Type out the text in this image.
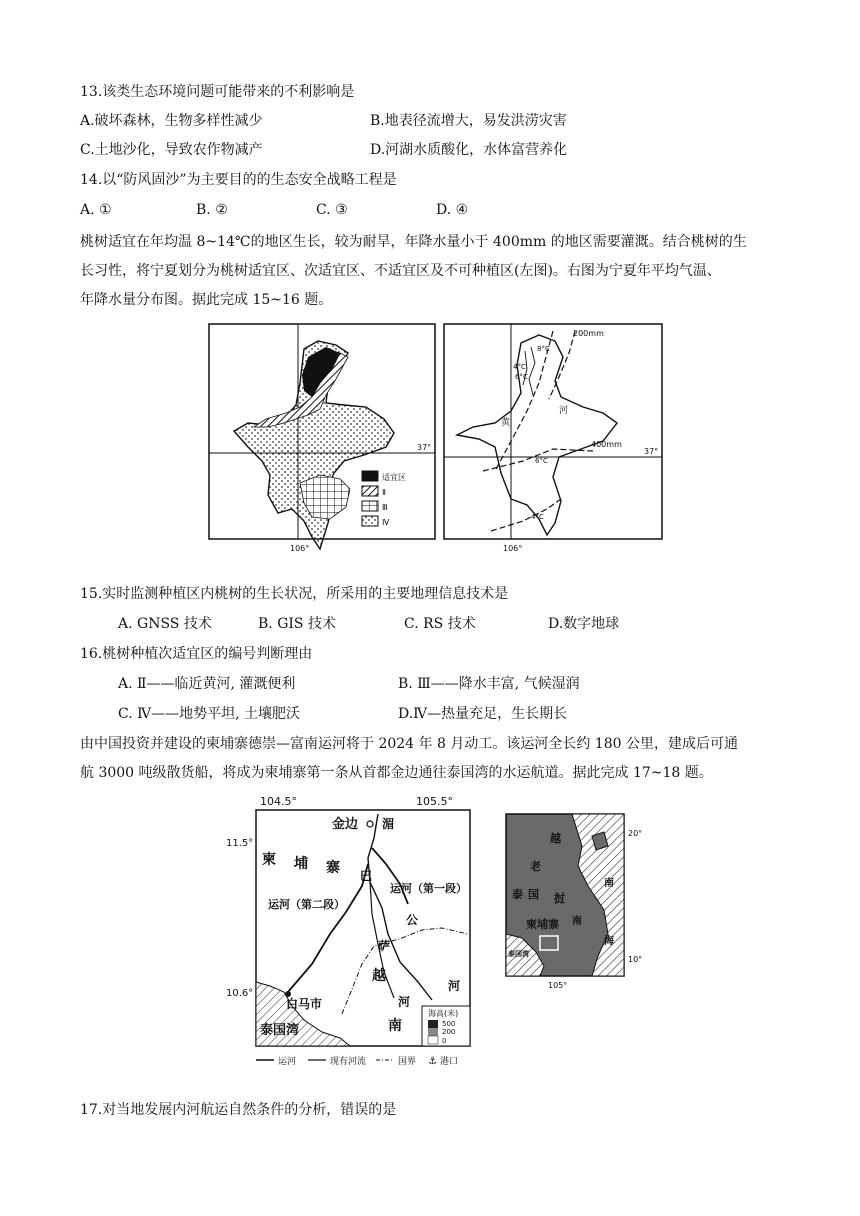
13.该类生态环境问题可能带来的不利影响是
A.破坏森林，生物多样性减少	B.地表径流增大，易发洪涝灾害
C.土地沙化，导致农作物减产	D.河湖水质酸化，水体富营养化
14.以“防风固沙”为主要目的的生态安全战略工程是
A. ①	B. ②	C. ③	D. ④
桃树适宜在年均温 8~14℃的地区生长，较为耐旱，年降水量小于 400mm 的地区需要灌溉。结合桃树的生
长习性，将宁夏划分为桃树适宜区、次适宜区、不适宜区及不可种植区(左图)。右图为宁夏年平均气温、
年降水量分布图。据此完成 15~16 题。
适宜区
Ⅱ
Ⅲ
Ⅳ
37°
106°
200mm
400mm
8°C
4°C
6°C
6°C
4°C
黄
河
37°
106°
15.实时监测种植区内桃树的生长状况，所采用的主要地理信息技术是
A. GNSS 技术	B. GIS 技术	C. RS 技术	D.数字地球
16.桃树种植次适宜区的编号判断理由
A. Ⅱ——临近黄河, 灌溉便利	B. Ⅲ——降水丰富, 气候湿润
C. Ⅳ——地势平坦, 土壤肥沃	D.Ⅳ—热量充足，生长期长
由中国投资并建设的柬埔寨德崇—富南运河将于 2024 年 8 月动工。该运河全长约 180 公里，建成后可通
航 3000 吨级散货船，将成为柬埔寨第一条从首都金边通往泰国湾的水运航道。据此完成 17~18 题。
104.5°	105.5°
11.5°
10.6°
金边 湄
柬 埔 寨 巴
运河（第一段）
运河（第二段）
公
萨
越
河
南
河
白马市
泰国湾
海高(米)
500
200
0
运河	现有河流	国界 ⚓ 港口
越
老
泰 国 挝
南
柬埔寨 南
海
泰国湾
20°
10°
105°
17.对当地发展内河航运自然条件的分析，错误的是
